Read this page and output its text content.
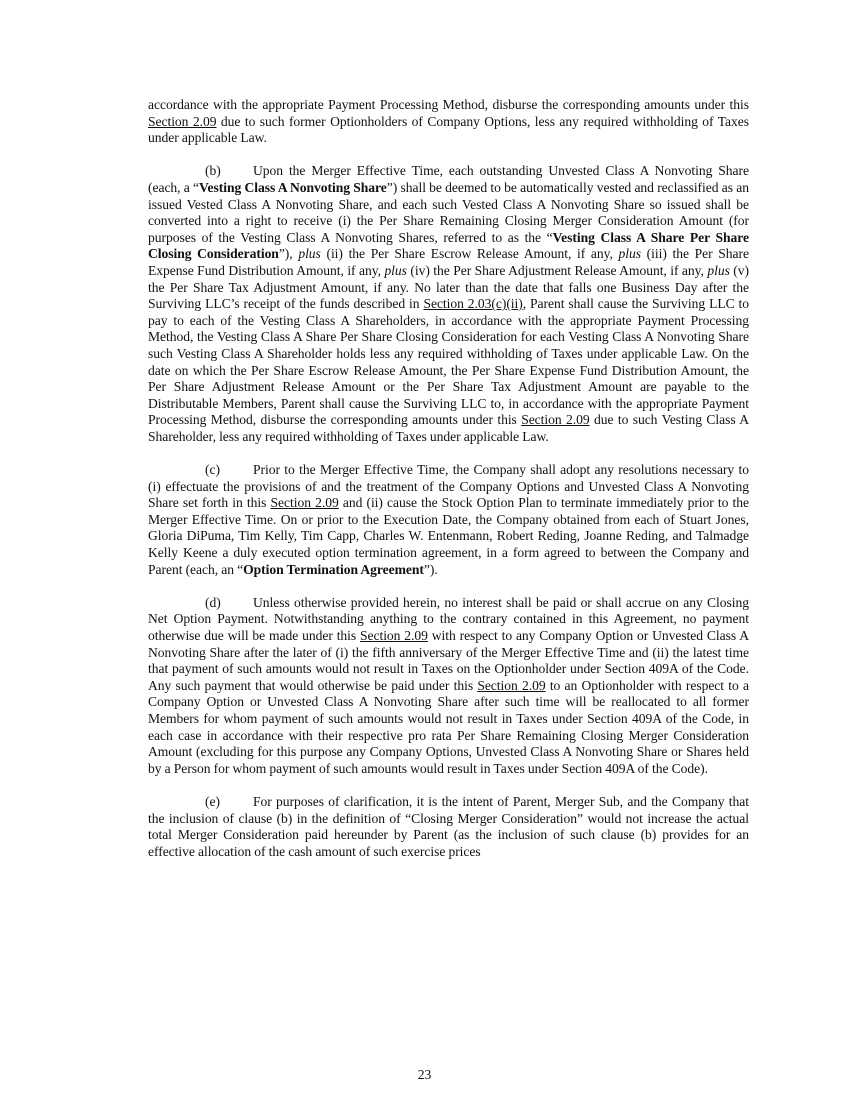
accordance with the appropriate Payment Processing Method, disburse the corresponding amounts under this Section 2.09 due to such former Optionholders of Company Options, less any required withholding of Taxes under applicable Law.

(b) Upon the Merger Effective Time, each outstanding Unvested Class A Nonvoting Share (each, a “Vesting Class A Nonvoting Share”) shall be deemed to be automatically vested and reclassified as an issued Vested Class A Nonvoting Share, and each such Vested Class A Nonvoting Share so issued shall be converted into a right to receive (i) the Per Share Remaining Closing Merger Consideration Amount (for purposes of the Vesting Class A Nonvoting Shares, referred to as the “Vesting Class A Share Per Share Closing Consideration”), plus (ii) the Per Share Escrow Release Amount, if any, plus (iii) the Per Share Expense Fund Distribution Amount, if any, plus (iv) the Per Share Adjustment Release Amount, if any, plus (v) the Per Share Tax Adjustment Amount, if any. No later than the date that falls one Business Day after the Surviving LLC’s receipt of the funds described in Section 2.03(c)(ii), Parent shall cause the Surviving LLC to pay to each of the Vesting Class A Shareholders, in accordance with the appropriate Payment Processing Method, the Vesting Class A Share Per Share Closing Consideration for each Vesting Class A Nonvoting Share such Vesting Class A Shareholder holds less any required withholding of Taxes under applicable Law. On the date on which the Per Share Escrow Release Amount, the Per Share Expense Fund Distribution Amount, the Per Share Adjustment Release Amount or the Per Share Tax Adjustment Amount are payable to the Distributable Members, Parent shall cause the Surviving LLC to, in accordance with the appropriate Payment Processing Method, disburse the corresponding amounts under this Section 2.09 due to such Vesting Class A Shareholder, less any required withholding of Taxes under applicable Law.

(c) Prior to the Merger Effective Time, the Company shall adopt any resolutions necessary to (i) effectuate the provisions of and the treatment of the Company Options and Unvested Class A Nonvoting Share set forth in this Section 2.09 and (ii) cause the Stock Option Plan to terminate immediately prior to the Merger Effective Time. On or prior to the Execution Date, the Company obtained from each of Stuart Jones, Gloria DiPuma, Tim Kelly, Tim Capp, Charles W. Entenmann, Robert Reding, Joanne Reding, and Talmadge Kelly Keene a duly executed option termination agreement, in a form agreed to between the Company and Parent (each, an “Option Termination Agreement”).

(d) Unless otherwise provided herein, no interest shall be paid or shall accrue on any Closing Net Option Payment. Notwithstanding anything to the contrary contained in this Agreement, no payment otherwise due will be made under this Section 2.09 with respect to any Company Option or Unvested Class A Nonvoting Share after the later of (i) the fifth anniversary of the Merger Effective Time and (ii) the latest time that payment of such amounts would not result in Taxes on the Optionholder under Section 409A of the Code. Any such payment that would otherwise be paid under this Section 2.09 to an Optionholder with respect to a Company Option or Unvested Class A Nonvoting Share after such time will be reallocated to all former Members for whom payment of such amounts would not result in Taxes under Section 409A of the Code, in each case in accordance with their respective pro rata Per Share Remaining Closing Merger Consideration Amount (excluding for this purpose any Company Options, Unvested Class A Nonvoting Share or Shares held by a Person for whom payment of such amounts would result in Taxes under Section 409A of the Code).

(e) For purposes of clarification, it is the intent of Parent, Merger Sub, and the Company that the inclusion of clause (b) in the definition of “Closing Merger Consideration” would not increase the actual total Merger Consideration paid hereunder by Parent (as the inclusion of such clause (b) provides for an effective allocation of the cash amount of such exercise prices

23
